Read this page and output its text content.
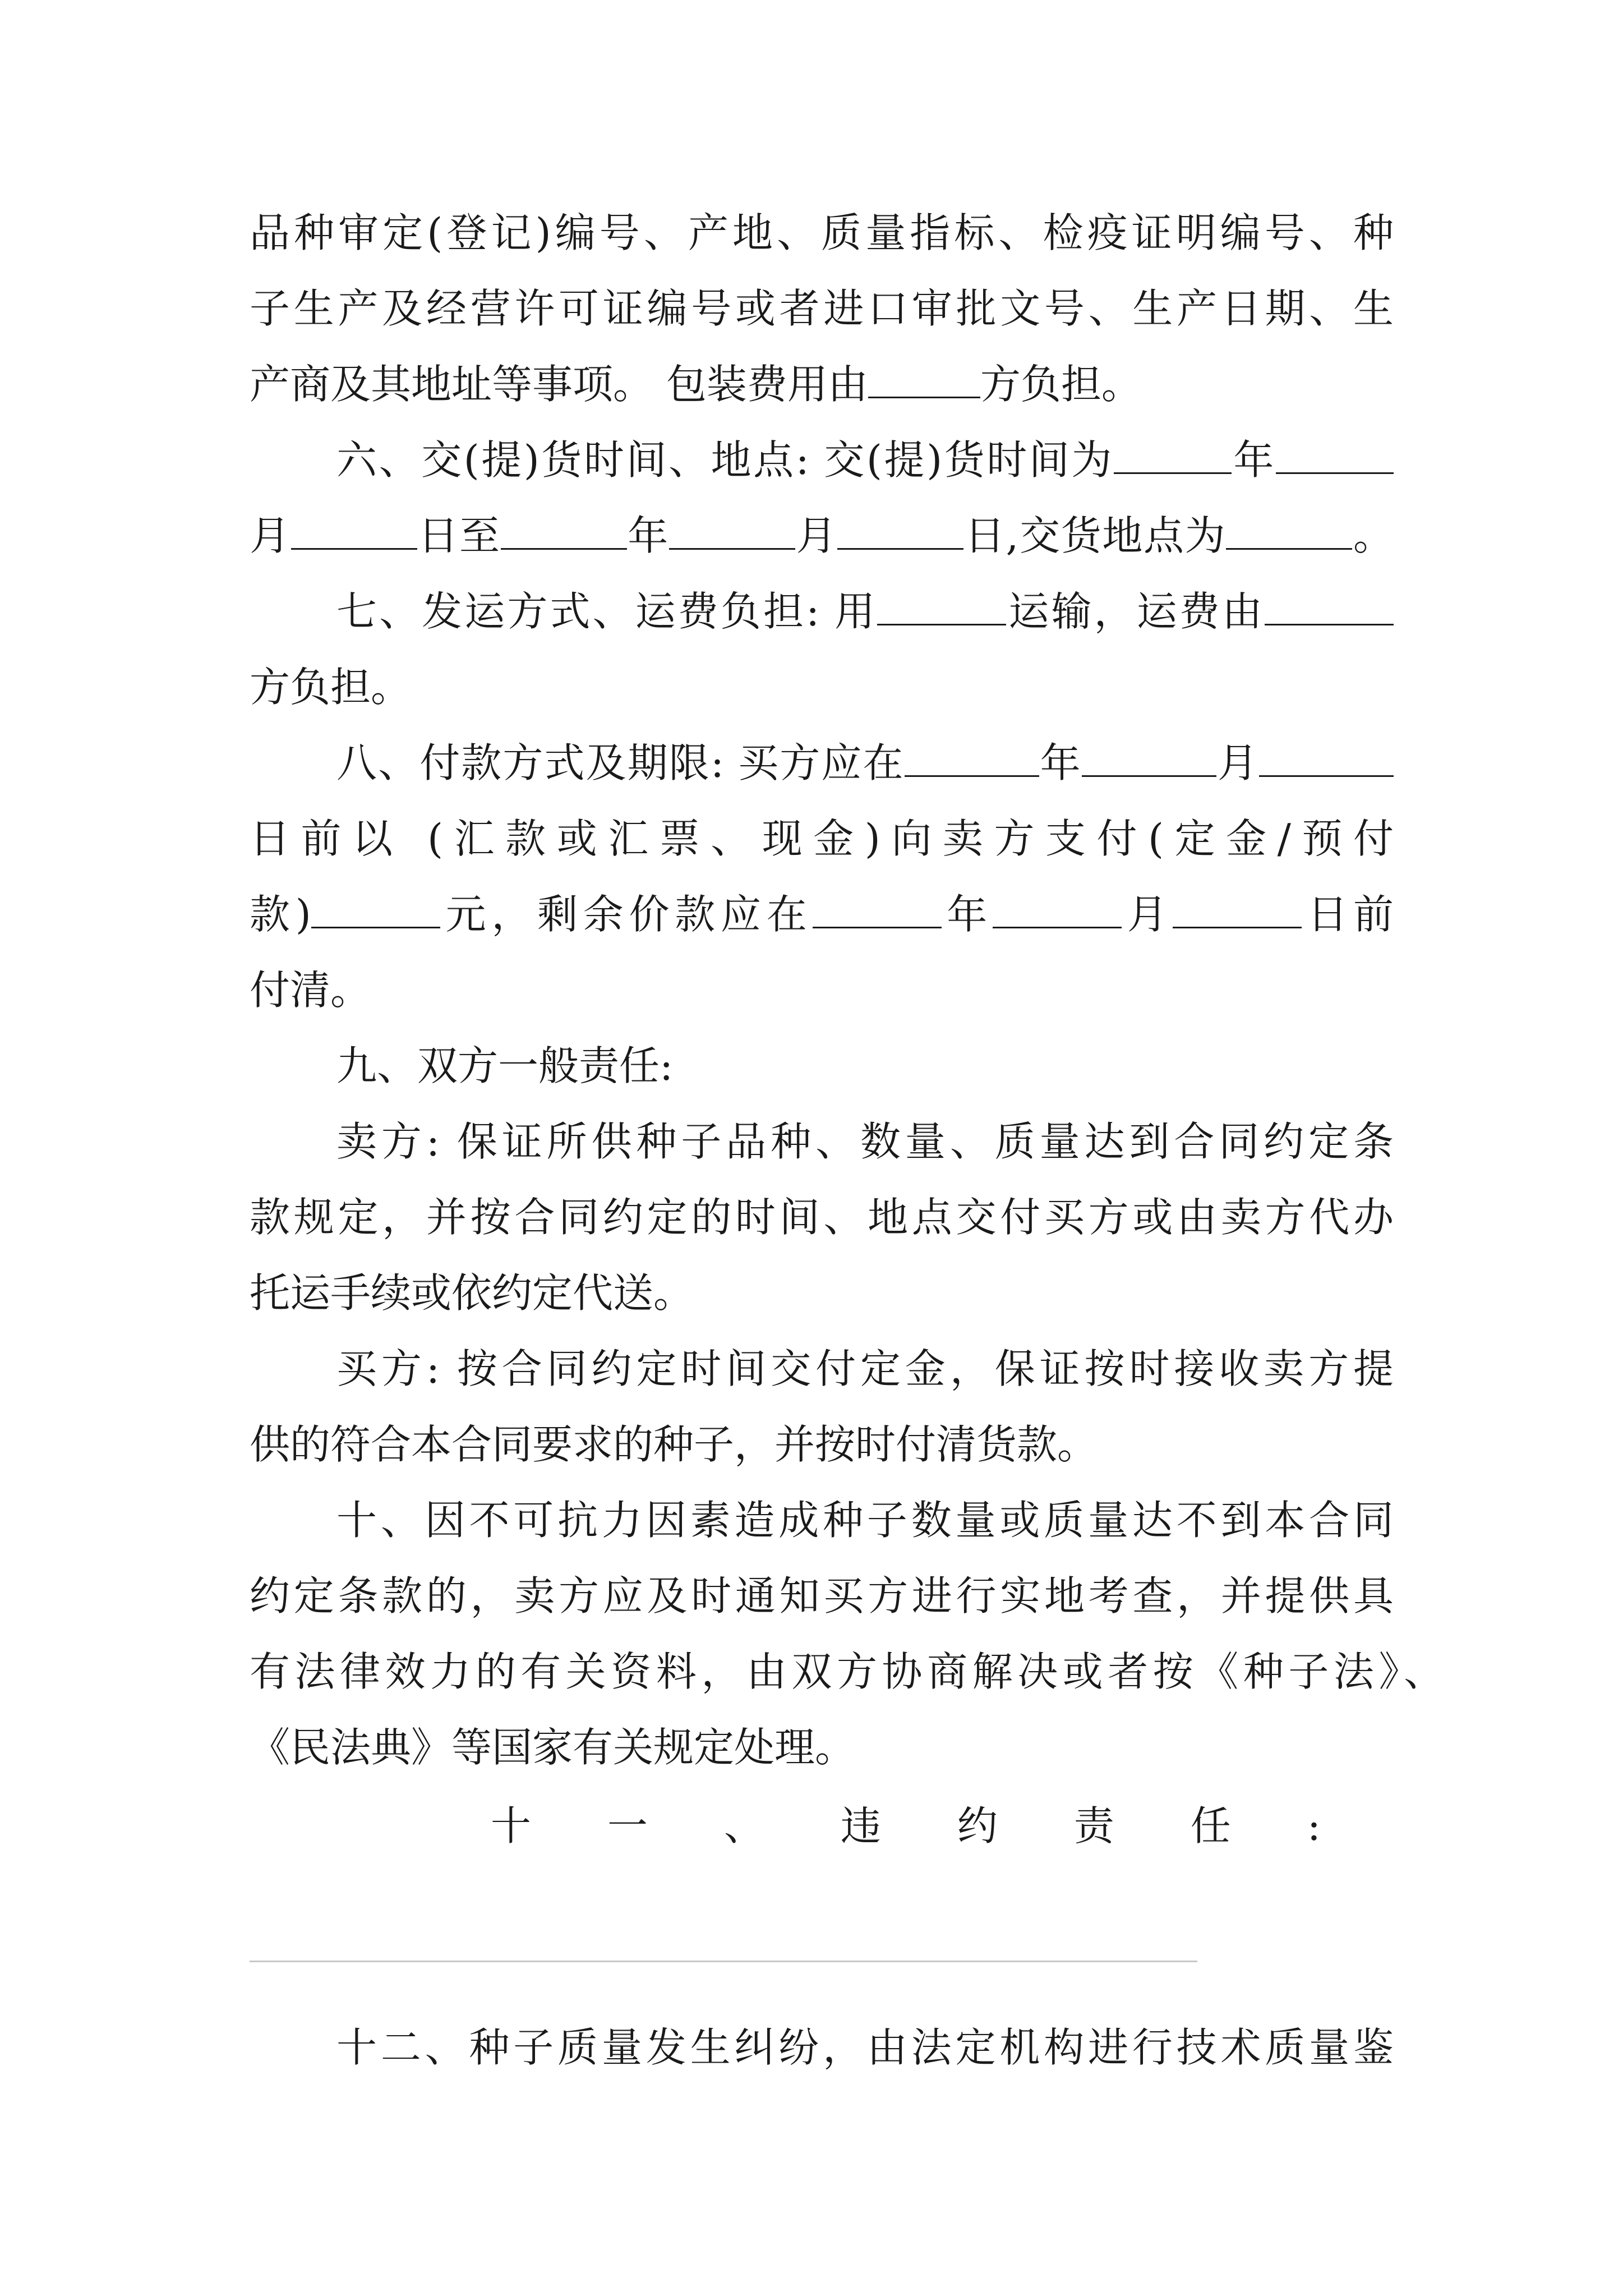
品种审定(登记)编号、产地、质量指标、检疫证明编号、种
子生产及经营许可证编号或者进口审批文号、生产日期、生
产商及其地址等事项。 包装费用由	方负担。
六、交(提)货时间、地点: 交(提)货时间为	年
月	日至	年	月	日,交货地点为	。
七、发运方式、运费负担: 用	运输，运费由
方负担。
八、付款方式及期限: 买方应在	年	月
日前以 (汇款或汇票、现金)向卖方支付(定金/预付
款)	元，剩余价款应在	年	月	日前
付清。
九、双方一般责任:
卖方: 保证所供种子品种、数量、质量达到合同约定条
款规定，并按合同约定的时间、地点交付买方或由卖方代办
托运手续或依约定代送。
买方: 按合同约定时间交付定金，保证按时接收卖方提
供的符合本合同要求的种子，并按时付清货款。
十、因不可抗力因素造成种子数量或质量达不到本合同
约定条款的，卖方应及时通知买方进行实地考查，并提供具
有法律效力的有关资料，由双方协商解决或者按《种子法》、
《民法典》等国家有关规定处理。
十一、违约责任:
十二、种子质量发生纠纷，由法定机构进行技术质量鉴
